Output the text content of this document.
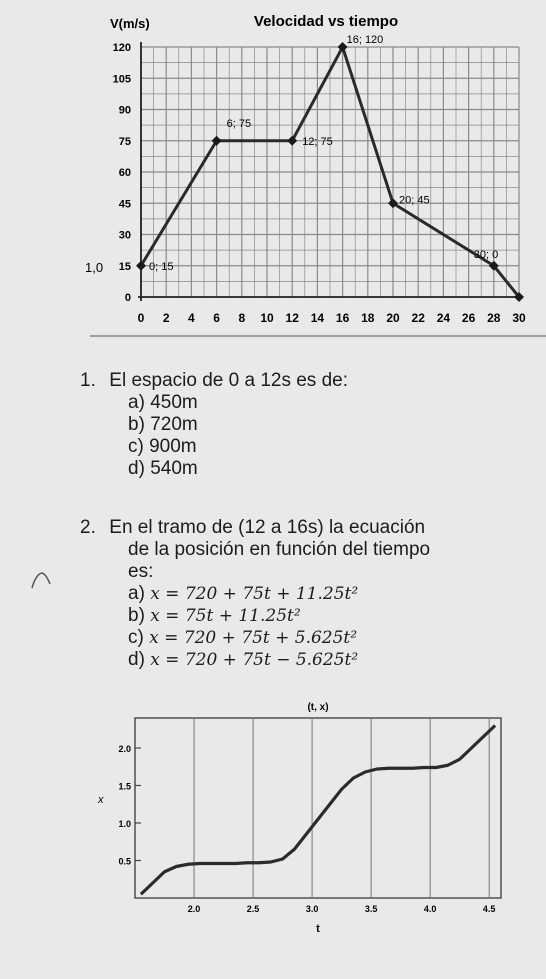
V(m/s)	Velocidad vs tiempo
1,0
0 2 4 6 8 10 12 14 16 18 20 22 24 26 28 30
0
15
30
45
60
75
90
105
120
0; 15
6; 75
12; 75
16; 120
20; 45
30; 0
1. El espacio de 0 a 12s es de:
a) 450m
b) 720m
c) 900m
d) 540m
2. En el tramo de (12 a 16s) la ecuación
de la posición en función del tiempo
es:
a) x = 720 + 75t + 11.25t²
b) x = 75t + 11.25t²
c) x = 720 + 75t + 5.625t²
d) x = 720 + 75t − 5.625t²
(t, x)
x
t
2.0	2.5	3.0	3.5	4.0	4.5
0.5
1.0
1.5
2.0
